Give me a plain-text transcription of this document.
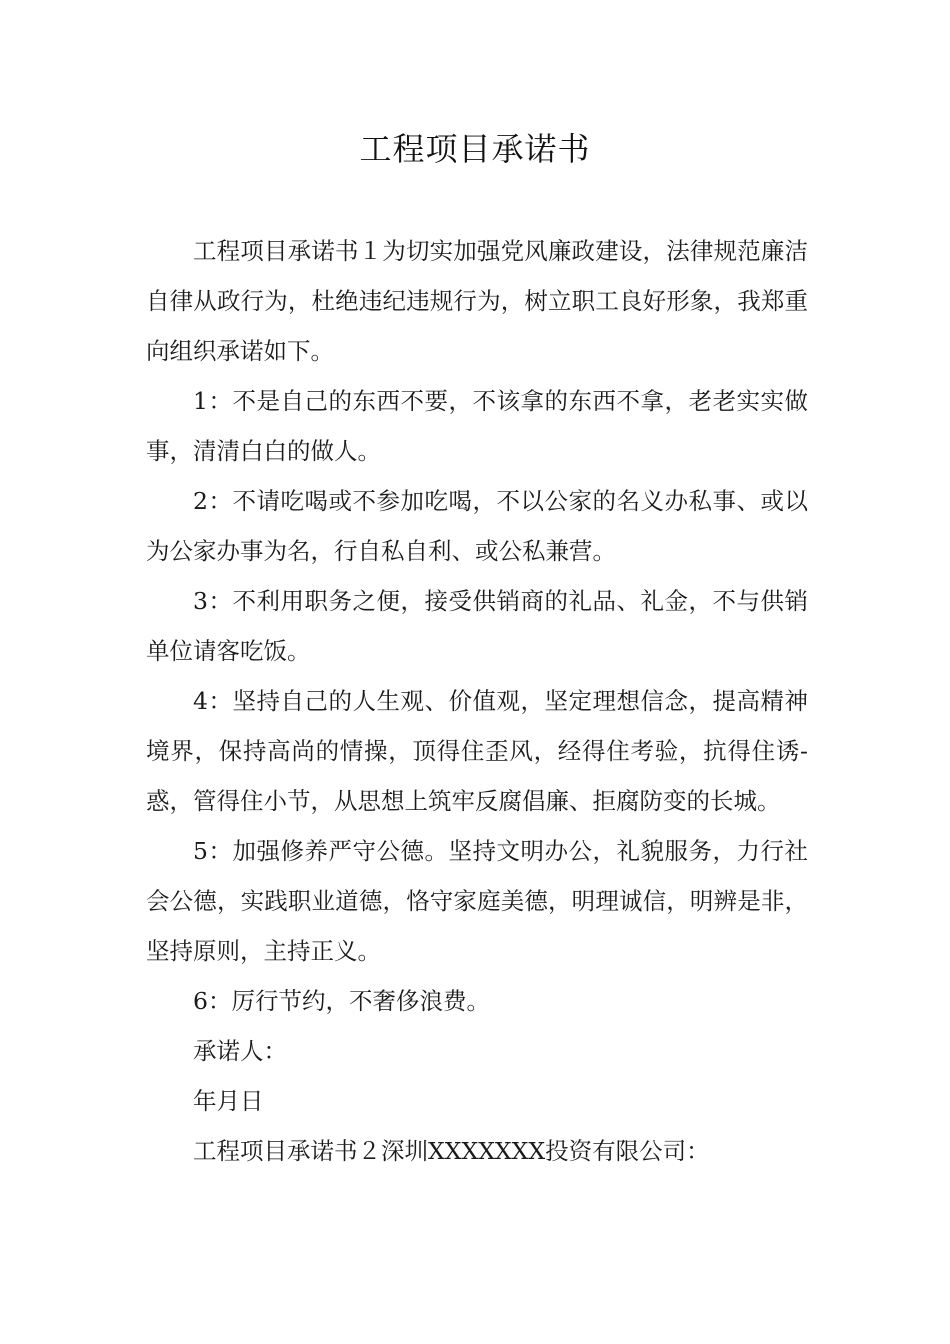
工程项目承诺书

工程项目承诺书１为切实加强党风廉政建设，法律规范廉洁自律从政行为，杜绝违纪违规行为，树立职工良好形象，我郑重向组织承诺如下。

1：不是自己的东西不要，不该拿的东西不拿，老老实实做事，清清白白的做人。

2：不请吃喝或不参加吃喝，不以公家的名义办私事、或以为公家办事为名，行自私自利、或公私兼营。

3：不利用职务之便，接受供销商的礼品、礼金，不与供销单位请客吃饭。

4：坚持自己的人生观、价值观，坚定理想信念，提高精神境界，保持高尚的情操，顶得住歪风，经得住考验，抗得住诱-惑，管得住小节，从思想上筑牢反腐倡廉、拒腐防变的长城。

5：加强修养严守公德。坚持文明办公，礼貌服务，力行社会公德，实践职业道德，恪守家庭美德，明理诚信，明辨是非，坚持原则，主持正义。

6：厉行节约，不奢侈浪费。

承诺人：

年月日

工程项目承诺书２深圳XXXXXXX投资有限公司：
